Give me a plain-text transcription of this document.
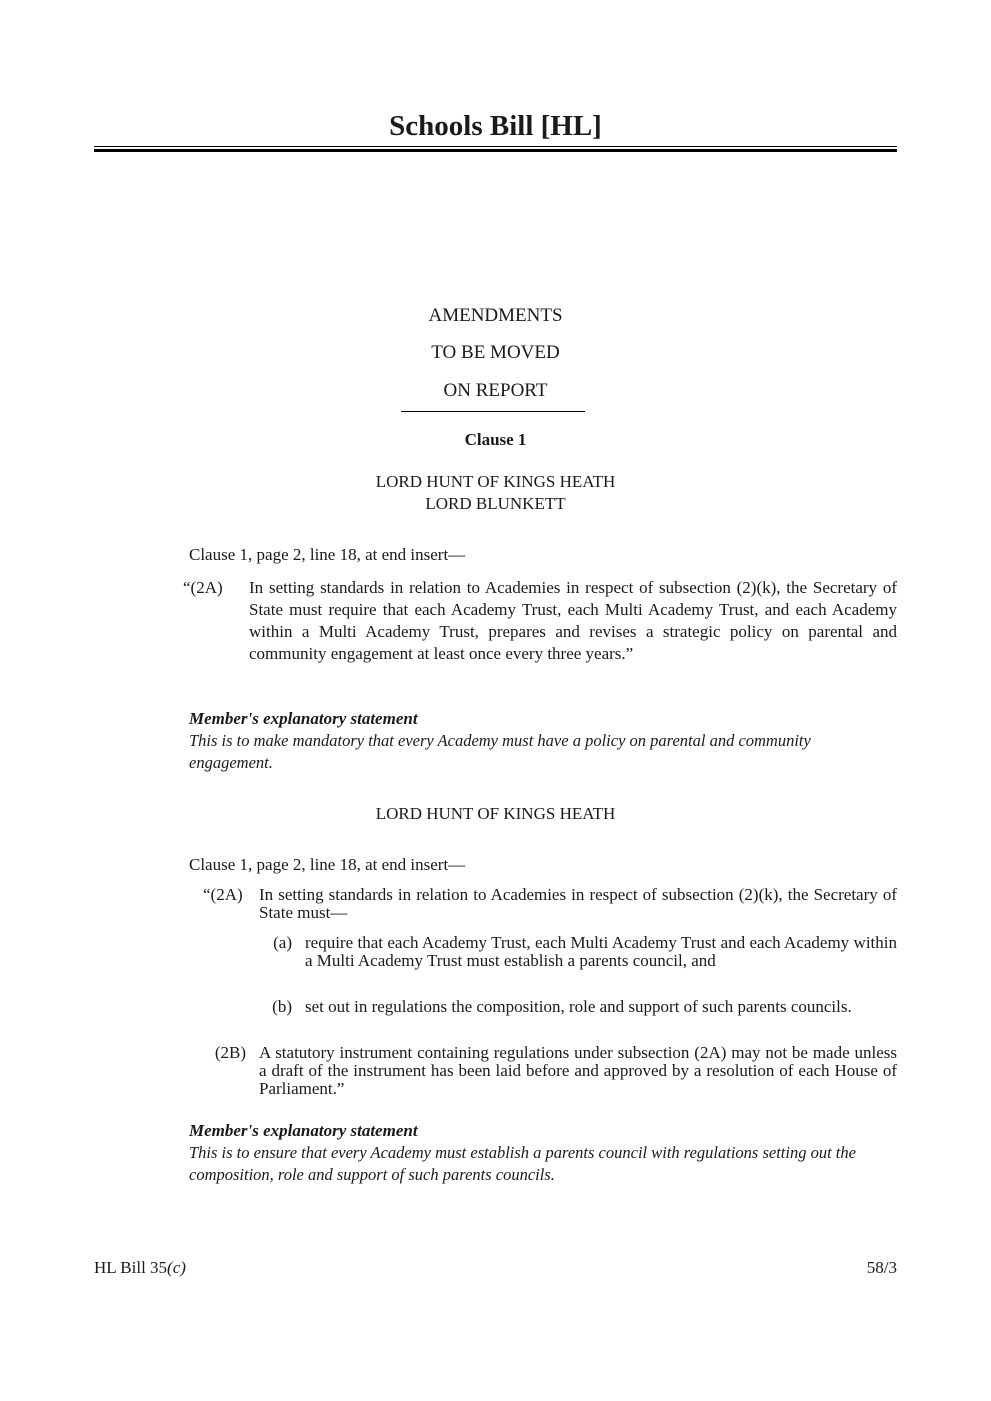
Schools Bill [HL]
AMENDMENTS
TO BE MOVED
ON REPORT
Clause 1
LORD HUNT OF KINGS HEATH
LORD BLUNKETT
Clause 1, page 2, line 18, at end insert—
“(2A)	In setting standards in relation to Academies in respect of subsection (2)(k), the Secretary of State must require that each Academy Trust, each Multi Academy Trust, and each Academy within a Multi Academy Trust, prepares and revises a strategic policy on parental and community engagement at least once every three years.”
Member's explanatory statement
This is to make mandatory that every Academy must have a policy on parental and community engagement.
LORD HUNT OF KINGS HEATH
Clause 1, page 2, line 18, at end insert—
“(2A) In setting standards in relation to Academies in respect of subsection (2)(k), the Secretary of State must—
(a) require that each Academy Trust, each Multi Academy Trust and each Academy within a Multi Academy Trust must establish a parents council, and
(b) set out in regulations the composition, role and support of such parents councils.
(2B) A statutory instrument containing regulations under subsection (2A) may not be made unless a draft of the instrument has been laid before and approved by a resolution of each House of Parliament.”
Member's explanatory statement
This is to ensure that every Academy must establish a parents council with regulations setting out the composition, role and support of such parents councils.
HL Bill 35(c)	58/3
